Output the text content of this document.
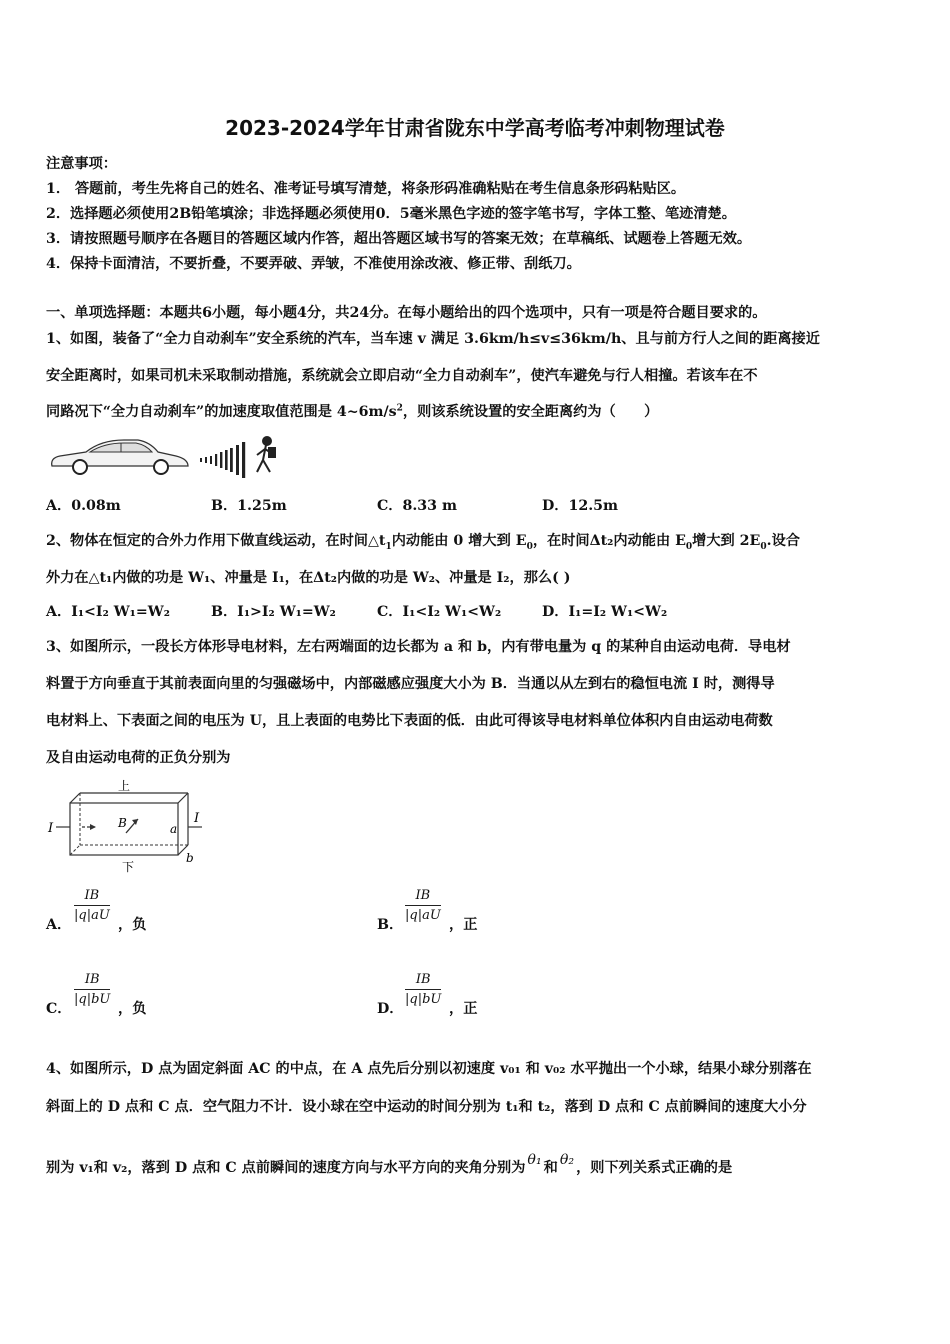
2023-2024学年甘肃省陇东中学高考临考冲刺物理试卷
注意事项：
1． 答题前，考生先将自己的姓名、准考证号填写清楚，将条形码准确粘贴在考生信息条形码粘贴区。
2．选择题必须使用2B铅笔填涂；非选择题必须使用0．5毫米黑色字迹的签字笔书写，字体工整、笔迹清楚。
3．请按照题号顺序在各题目的答题区域内作答，超出答题区域书写的答案无效；在草稿纸、试题卷上答题无效。
4．保持卡面清洁，不要折叠，不要弄破、弄皱，不准使用涂改液、修正带、刮纸刀。
一、单项选择题：本题共6小题，每小题4分，共24分。在每小题给出的四个选项中，只有一项是符合题目要求的。
1、如图，装备了“全力自动刹车”安全系统的汽车，当车速 v 满足 3.6km/h≤v≤36km/h、且与前方行人之间的距离接近
安全距离时，如果司机未采取制动措施，系统就会立即启动“全力自动刹车”，使汽车避免与行人相撞。若该车在不
同路况下“全力自动刹车”的加速度取值范围是 $4\sim 6m/s^2$，则该系统设置的安全距离约为（　　）
A．0.08m	B．1.25m	C．8.33 m	D．12.5m
2、物体在恒定的合外力作用下做直线运动，在时间$\triangle t_1$内动能由 0 增大到 $E_0$，在时间Δt₂内动能由 $E_0$增大到 $2E_0$.设合
外力在△t₁内做的功是 W₁、冲量是 I₁，在Δt₂内做的功是 W₂、冲量是 I₂，那么( )
A．I₁<I₂ W₁=W₂	B．I₁>I₂ W₁=W₂	C．I₁<I₂ W₁<W₂	D．I₁=I₂ W₁<W₂
3、如图所示，一段长方体形导电材料，左右两端面的边长都为 a 和 b，内有带电量为 q 的某种自由运动电荷．导电材
料置于方向垂直于其前表面向里的匀强磁场中，内部磁感应强度大小为 B．当通以从左到右的稳恒电流 I 时，测得导
电材料上、下表面之间的电压为 U，且上表面的电势比下表面的低．由此可得该导电材料单位体积内自由运动电荷数
及自由运动电荷的正负分别为
上
下
I
I
B	a
b
A．
$\frac{IB}{|q|aU}$
，负	B．
$\frac{IB}{|q|aU}$
，正
C．
$\frac{IB}{|q|bU}$
，负	D．
$\frac{IB}{|q|bU}$
，正
4、如图所示，D 点为固定斜面 AC 的中点，在 A 点先后分别以初速度 v₀₁ 和 v₀₂ 水平抛出一个小球，结果小球分别落在
斜面上的 D 点和 C 点．空气阻力不计．设小球在空中运动的时间分别为 t₁和 t₂，落到 D 点和 C 点前瞬间的速度大小分
别为 v₁和 v₂，落到 D 点和 C 点前瞬间的速度方向与水平方向的夹角分别为 θ₁ 和 θ₂ ，则下列关系式正确的是
